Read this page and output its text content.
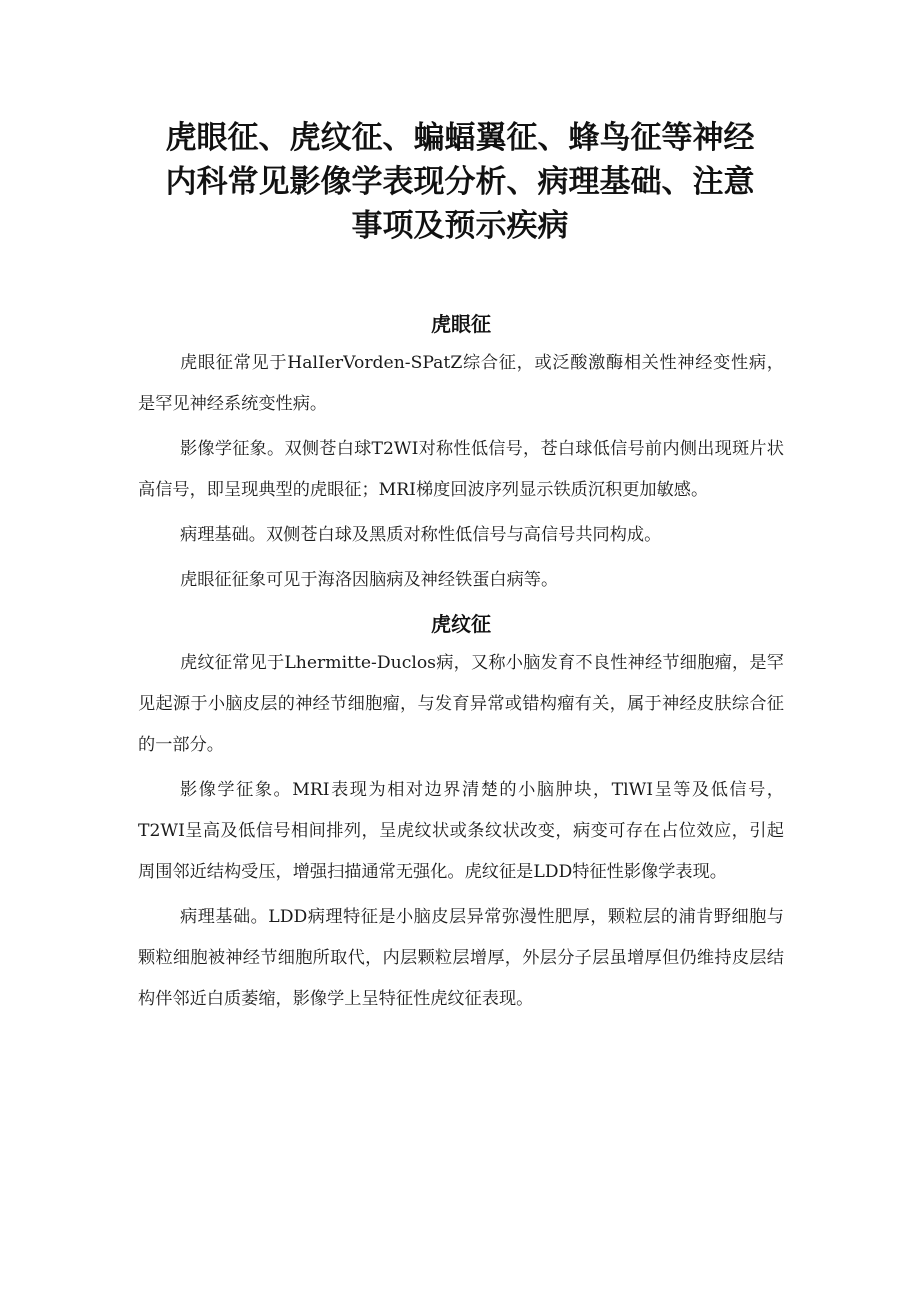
虎眼征、虎纹征、蝙蝠翼征、蜂鸟征等神经
内科常见影像学表现分析、病理基础、注意
事项及预示疾病
虎眼征

虎眼征常见于HalIerVorden-SPatZ综合征，或泛酸激酶相关性神经变性病，是罕见神经系统变性病。

影像学征象。双侧苍白球T2WI对称性低信号，苍白球低信号前内侧出现斑片状高信号，即呈现典型的虎眼征；MRI梯度回波序列显示铁质沉积更加敏感。

病理基础。双侧苍白球及黑质对称性低信号与高信号共同构成。

虎眼征征象可见于海洛因脑病及神经铁蛋白病等。

虎纹征

虎纹征常见于Lhermitte-Duclos病，又称小脑发育不良性神经节细胞瘤，是罕见起源于小脑皮层的神经节细胞瘤，与发育异常或错构瘤有关，属于神经皮肤综合征的一部分。

影像学征象。MRI表现为相对边界清楚的小脑肿块，TlWI呈等及低信号，T2WI呈高及低信号相间排列，呈虎纹状或条纹状改变，病变可存在占位效应，引起周围邻近结构受压，增强扫描通常无强化。虎纹征是LDD特征性影像学表现。

病理基础。LDD病理特征是小脑皮层异常弥漫性肥厚，颗粒层的浦肯野细胞与颗粒细胞被神经节细胞所取代，内层颗粒层增厚，外层分子层虽增厚但仍维持皮层结构伴邻近白质萎缩，影像学上呈特征性虎纹征表现。
